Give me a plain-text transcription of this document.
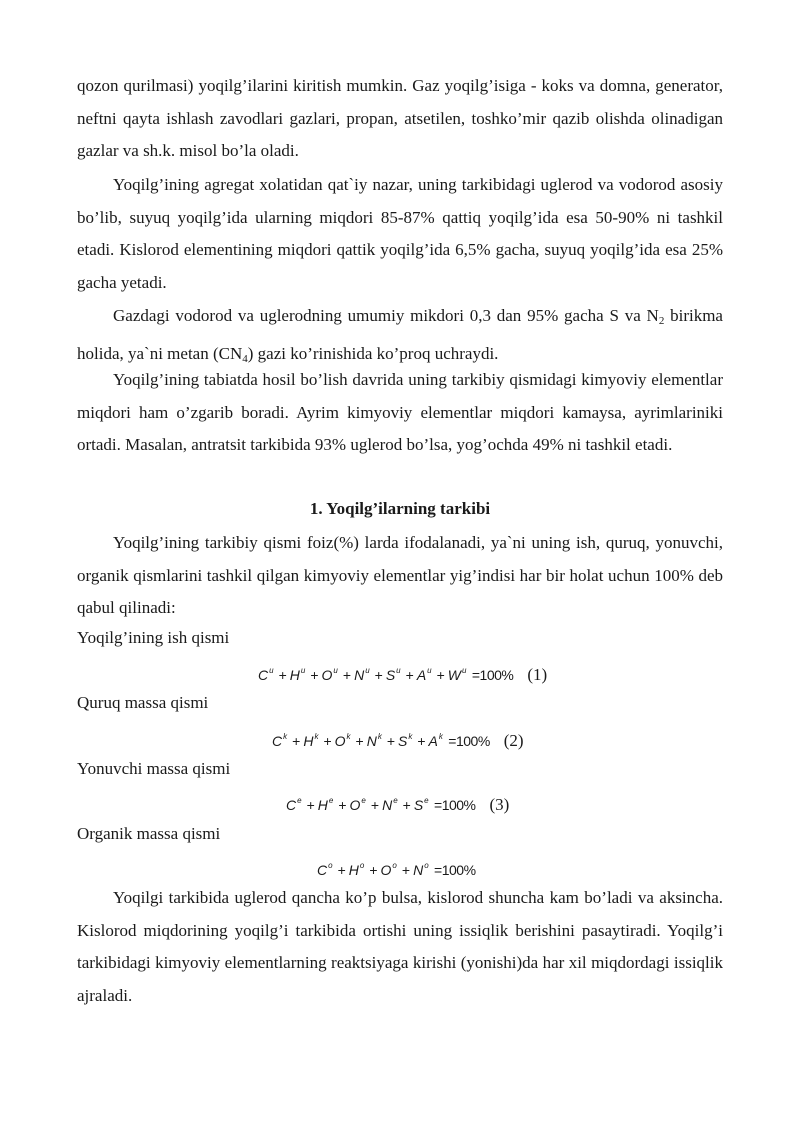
qozon qurilmasi) yoqilg’ilarini kiritish mumkin. Gaz yoqilg’isiga - koks va domna, generator, neftni qayta ishlash zavodlari gazlari, propan, atsetilen, toshko’mir qazib olishda olinadigan gazlar va sh.k. misol bo’la oladi.

Yoqilg’ining agregat xolatidan qat`iy nazar, uning tarkibidagi uglerod va vodorod asosiy bo’lib, suyuq yoqilg’ida ularning miqdori 85-87% qattiq yoqilg’ida esa 50-90% ni tashkil etadi. Kislorod elementining miqdori qattik yoqilg’ida 6,5% gacha, suyuq yoqilg’ida esa 25% gacha yetadi.

Gazdagi vodorod va uglerodning umumiy mikdori 0,3 dan 95% gacha S va $N_2$ birikma holida, ya`ni metan $(CN_4)$ gazi ko’rinishida ko’proq uchraydi.

Yoqilg’ining tabiatda hosil bo’lish davrida uning tarkibiy qismidagi kimyoviy elementlar miqdori ham o’zgarib boradi. Ayrim kimyoviy elementlar miqdori kamaysa, ayrimlariniki ortadi. Masalan, antratsit tarkibida 93% uglerod bo’lsa, yog’ochda 49% ni tashkil etadi.

1. Yoqilg’ilarning tarkibi

Yoqilg’ining tarkibiy qismi foiz(%) larda ifodalanadi, ya`ni uning ish, quruq, yonuvchi, organik qismlarini tashkil qilgan kimyoviy elementlar yig’indisi har bir holat uchun 100% deb qabul qilinadi:

Yoqilg’ining ish qismi

$C^u + H^u + O^u + N^u + S^u + A^u + W^u =100\%$ (1)

Quruq massa qismi

$C^k + H^k + O^k + N^k + S^k + A^k =100\%$ (2)

Yonuvchi massa qismi

$C^e + H^e + O^e + N^e + S^e =100\%$ (3)

Organik massa qismi

$C^o + H^o + O^o + N^o =100\%$

Yoqilgi tarkibida uglerod qancha ko’p bulsa, kislorod shuncha kam bo’ladi va aksincha. Kislorod miqdorining yoqilg’i tarkibida ortishi uning issiqlik berishini pasaytiradi. Yoqilg’i tarkibidagi kimyoviy elementlarning reaktsiyaga kirishi (yonishi)da har xil miqdordagi issiqlik ajraladi.
